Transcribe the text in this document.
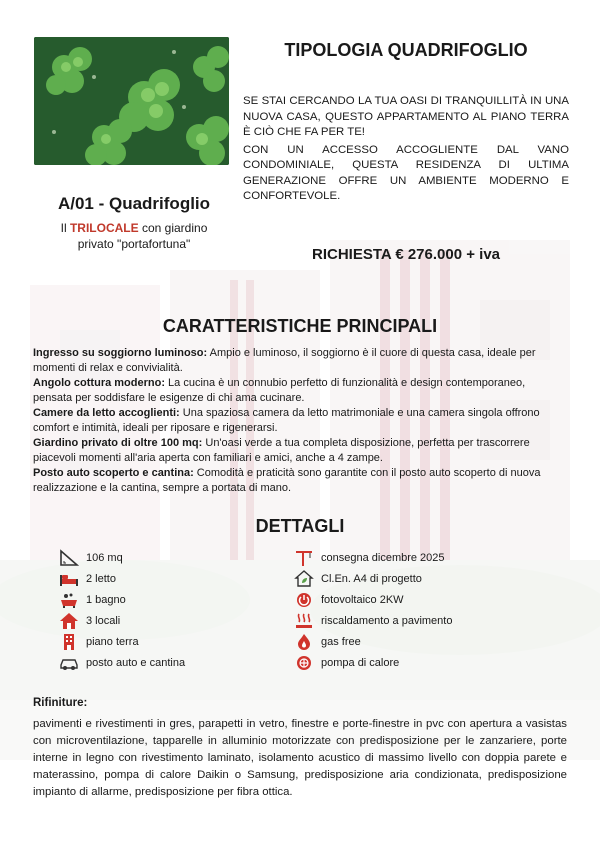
A/01 - Quadrifoglio
Il TRILOCALE con giardino
privato "portafortuna"
TIPOLOGIA QUADRIFOGLIO

SE STAI CERCANDO LA TUA OASI DI TRANQUILLITÀ IN UNA NUOVA CASA, QUESTO APPARTAMENTO AL PIANO TERRA È CIÒ CHE FA PER TE!

CON UN ACCESSO ACCOGLIENTE DAL VANO CONDOMINIALE, QUESTA RESIDENZA DI ULTIMA GENERAZIONE OFFRE UN AMBIENTE MODERNO E CONFORTEVOLE.

RICHIESTA € 276.000 + iva
CARATTERISTICHE PRINCIPALI

Ingresso su soggiorno luminoso: Ampio e luminoso, il soggiorno è il cuore di questa casa, ideale per momenti di relax e convivialità.

Angolo cottura moderno: La cucina è un connubio perfetto di funzionalità e design contemporaneo, pensata per soddisfare le esigenze di chi ama cucinare.

Camere da letto accoglienti: Una spaziosa camera da letto matrimoniale e una camera singola offrono comfort e intimità, ideali per riposare e rigenerarsi.

Giardino privato di oltre 100 mq: Un'oasi verde a tua completa disposizione, perfetta per trascorrere piacevoli momenti all'aria aperta con familiari e amici, anche a 4 zampe.

Posto auto scoperto e cantina: Comodità e praticità sono garantite con il posto auto scoperto di nuova realizzazione e la cantina, sempre a portata di mano.

DETTAGLI
106 mq
2 letto
1 bagno
3 locali
piano terra
posto auto e cantina
consegna dicembre 2025
Cl.En. A4 di progetto
fotovoltaico 2KW
riscaldamento a pavimento
gas free
pompa di calore
Rifiniture:
pavimenti e rivestimenti in gres, parapetti in vetro, finestre e porte-finestre in pvc con apertura a vasistas con microventilazione, tapparelle in alluminio motorizzate con predisposizione per le zanzariere, porte interne in legno con rivestimento laminato, isolamento acustico di massimo livello con doppia parete e materassino, pompa di calore Daikin o Samsung, predisposizione aria condizionata, predisposizione impianto di allarme, predisposizione per fibra ottica.
